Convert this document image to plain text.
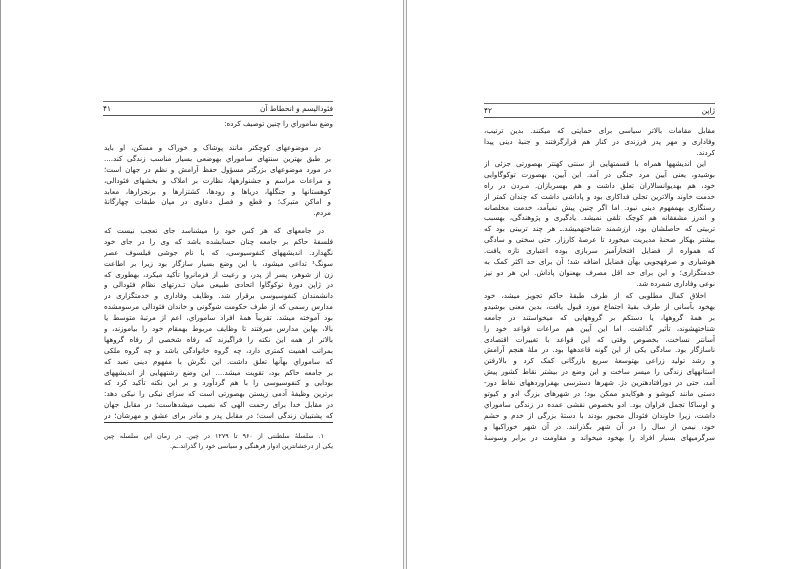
فئودالیسم و انحطاط آن
۴۱
وضع ساموراي را چنين توصيف کرده:
در موضوعهای کوچکتر مانند پوشاک و خوراک و مسکن، او باید
بر طبق بهترین سنتهای ساموراي بهوضعی بسیار مناسب زندگی کند....
در مورد موضوعهای بزرگتر مسؤول حفظ آرامش و نظم در جهان است؛
و مراعات مراسم و جشنوارهها، نظارت بر املاک و بخشهای فئودالی،
کوهستانها و جنگلها، دریاها و رودها، کشتزارها و برنجزارها، معابد
و اماکن متبرک؛ و قطع و فصل دعاوی در میان طبقات چهارگانهٔ
مردم.
در جامعهای که هر کس خود را میشناسد جای تعجب نیست که
فلسفهٔ حاکم بر جامعه چنان حسابشده باشد که وی را در جای خود
نگهدارد. اندیشههای کنفوسیوسی، که با نام جوشی فیلسوف عصر
سونگ¹ تداعی میشود، با این وضع بسیار سازگار بود زیرا بر اطاعت
زن از شوهر، پسر از پدر، و رعیت از فرمانروا تأکید میکرد، بهطوری که
در ژاپن دورهٔ توکوگاوا اتحادی طبیعی میان تـدرتهای نظام فئودالی و
دانشمندان کنفوسیوسی برقرار شد. وظایف وفاداری و خدمتگزاری در
مدارس رسمی که از طرف حکومت شوگونی و خاندان فئودالی مرسومشده
بود آموخته میشد. تقریباً همهٔ افراد ساموراي، اعم از مرتبهٔ متوسط یا
بالا، بهاین مدارس میرفتند تا وظایف مربوط بهمقام خود را بیاموزند، و
بالاتر از همه این نکته را فراگیرند که رفاه شخصی از رفاه گروهها
بمراتب اهمیت کمتری دارد، چه گروه خانوادگی باشد و چه گروه ملکی
که ساموراي بهآنها تعلق داشت. این نگرش با مفهوم دینی تعبد که
بر جامعه حاکم بود، تقویت میشد.... این وضع رشتههایی از اندیشههای
بودایی و کنفوسیوسی را با هم گردآورد و بر این نکته تأکید کرد که
برترین وظیفهٔ آدمی زیستن بهصورتی است که سزای نیکی را نیکی دهد:
در مقابل خدا برای رحمت الهی که نصیب میشدهاست؛ در مقابل جهان
که پشتیبان زندگی است؛ در مقابل پدر و مادر برای عشق و مهرشان؛ در
۱. سلسلهٔ سلطنتی از ۹۶۰ تا ۱۲۷۹ در چین. در زمان این سلسله چین
یکی از درخشانترین ادوار فرهنگی و سیاسی خود را گذراند.ـم.
ژاپن
۴۲
مقابل مقامات بالاتر سیاسی برای حمایتی که میکنند. بدین ترتیب،
وفاداری و مهر پدر فرزندی در کنار هم قرارگرفتند و جنبهٔ دینی پیدا
کردند.
این اندیشهها همراه با قسمتهایی از سنتی کهنتر بهصورتی جزئی از
بوشیدو، یعنی آیین مرد جنگی در آمد. این آیین، بهصورت توکوگاوایی
خود، هم بهدیوانسالاران تعلق داشت و هم بهسربازان. مـردن در راه
خدمت خاوند والاترین تجلی فداکاری بود و پاداشی داشت که چندان کمتر از
رستگاری بهمفهوم دینی نبود. اما اگر چنین پیش نمیآمد، خدمت مخلصانه
و اندرز مشفقانه هم کوچک تلقی نمیشد. یادگیری و پژوهندگی، بهسبب
تربیتی که حاصلشان بود، ارزشمند شناختهمیشد.ـ هر چند تربیتی بود که
بیشتر بهکار صحنهٔ مدیریت میخورد تا عرصهٔ کارزار. حتی سختی و سادگی
که همواره از فضایل افتخارآمیز سربازی بوده اعتباری تازه یافت.
هوشیاری و صرفهجویی بهآن فضایل اضافه شد؛ آن برای حد اکثر کمک به
خدمتگزاری؛ و این برای حد اقل مصرف بهعنوان پاداش. این هر دو نیز
نوعی وفاداری شمرده شد.
اخلاق کمال مطلوبی که از طرف طبقهٔ حاکم تجویز میشد، خود
بهخود بآسانی از طرف بقیهٔ اجتماع مورد قبول یافت، بدین معنی بوشیدو
بر همهٔ گروهها، یا دستکم بر گروههایی که میخواستند در جامعه
شناختهشوند، تأثیر گذاشت. اما این آیین هم مراعات قواعد خود را
آسانتر نساخت، بخصوص وقتی که این قواعد با تغییرات اقتصادی
ناسازگار بود. سادگی یکی از این گونه قاعدهها بود. در ملهٔ هنجم آرامش
و رشد تولید زراعی بهتوسعهٔ سریع بازرگانی کمک کرد و بالارفتن
استانههای زندگی را میسر ساخت و این وضع در بیشتر نقاط کشور پیش
آمد، حتی در دورافتادهترین دژ. شهرها دسترسی بهفراوردههای نقاط دور-
دستی مانند کیوشو و هوکایدو ممکن بود؛ در شهرهای بزرگ ادو و کیوتو
و اوساکا تجمل فراوان بود. ادو بخصوص نقشی عمده در زندگی ساموراي
داشت، زیرا خاوندان فئودال مجبور بودند با دستهٔ بزرگی از خدم و حشم
خود، نیمی از سال را در آن شهر بگذرانند. در آن شهر خوراکیها و
سرگرمیهای بسیار افراد را بهخود میخواند و مقاومت در برابر وسوسهٔ
